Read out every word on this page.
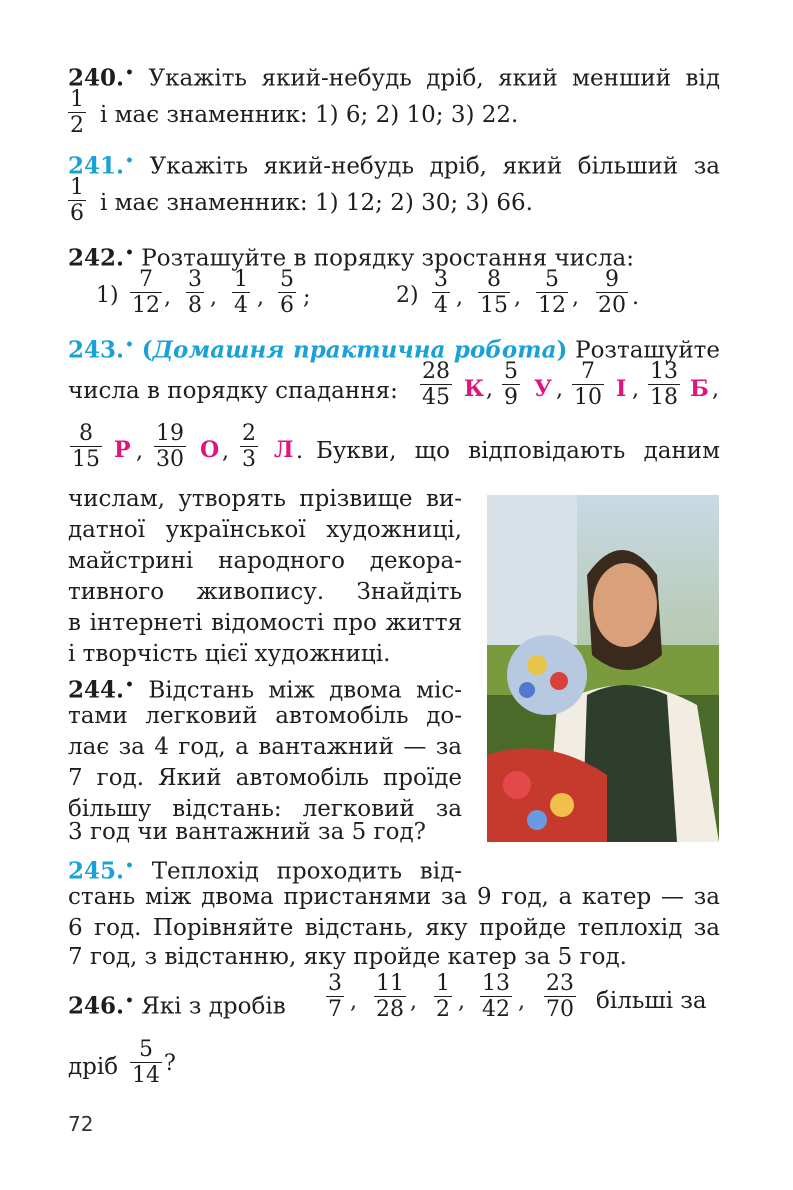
240.• Укажіть який-небудь дріб, який менший від
1
2 і має знаменник: 1) 6; 2) 10; 3) 22.
241.• Укажіть який-небудь дріб, який більший за
1
6 і має знаменник: 1) 12; 2) 30; 3) 66.
242.• Розташуйте в порядку зростання числа:
1)
7
12 ,
3
8 ,
1
4 ,
5
6 ;	2)
3
4 ,
8
15 ,
5
12 ,
9
20 .
243.• (Домашня практична робота) Розташуйте
числа в порядку спадання:
28
45 К ,
5
9 У ,
7
10 І ,
13
18 Б ,
8
15 Р ,
19
30 О ,
2
3 Л . Букви, що відповідають даним
числам, утворять прізвище ви-
датної української художниці,
майстрині народного декора-
тивного живопису. Знайдіть
в інтернеті відомості про життя
і творчість цієї художниці.
244.• Відстань між двома міс-
тами легковий автомобіль до-
лає за 4 год, а вантажний — за
7 год. Який автомобіль проїде
більшу відстань: легковий за
3 год чи вантажний за 5 год?
245.• Теплохід проходить від-
стань між двома пристанями за 9 год, а катер — за
6 год. Порівняйте відстань, яку пройде теплохід за
7 год, з відстанню, яку пройде катер за 5 год.
246.• Які з дробів
3
7 ,
11
28 ,
1
2 ,
13
42 ,
23
70 більші за
дріб
5
14 ?
72
